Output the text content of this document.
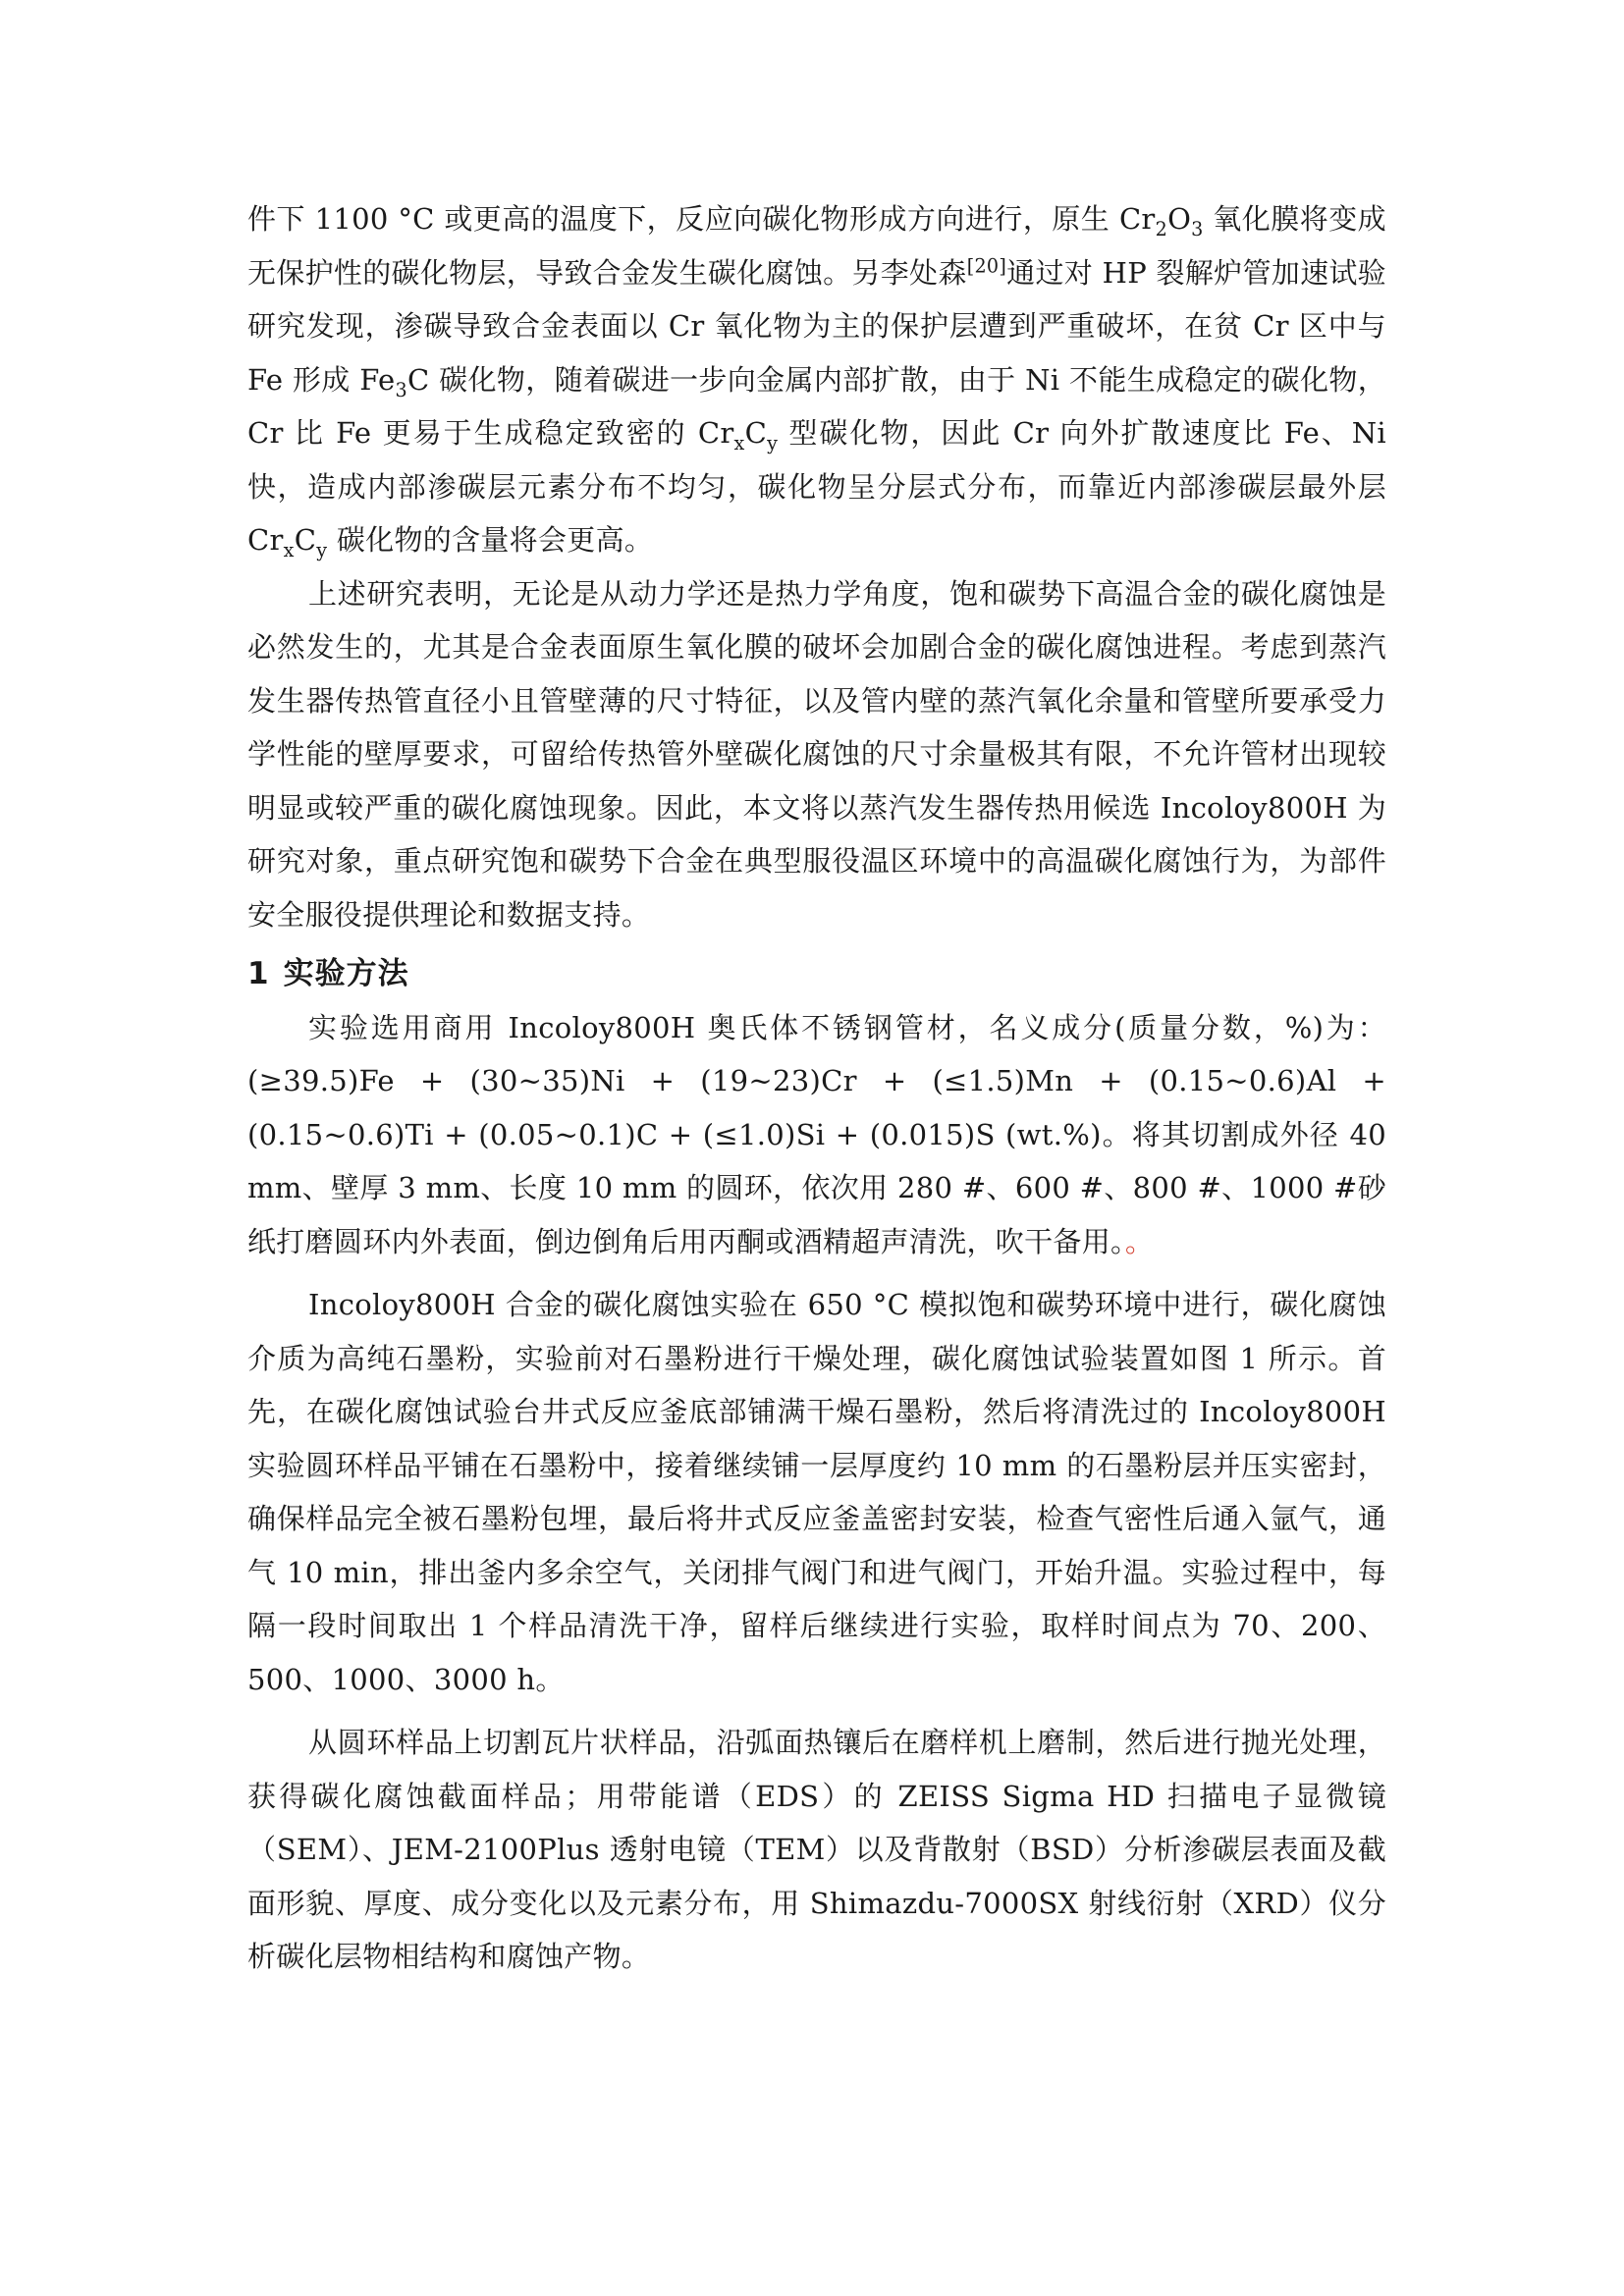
件下 1100 °C 或更高的温度下，反应向碳化物形成方向进行，原生 $Cr_2O_3$ 氧化膜将变成无保护性的碳化物层，导致合金发生碳化腐蚀。另李处森[20]通过对 HP 裂解炉管加速试验研究发现，渗碳导致合金表面以 Cr 氧化物为主的保护层遭到严重破坏，在贫 Cr 区中与 Fe 形成 $Fe_3C$ 碳化物，随着碳进一步向金属内部扩散，由于 Ni 不能生成稳定的碳化物，Cr 比 Fe 更易于生成稳定致密的 $Cr_xC_y$ 型碳化物，因此 Cr 向外扩散速度比 Fe、Ni 快，造成内部渗碳层元素分布不均匀，碳化物呈分层式分布，而靠近内部渗碳层最外层 $Cr_xC_y$ 碳化物的含量将会更高。

上述研究表明，无论是从动力学还是热力学角度，饱和碳势下高温合金的碳化腐蚀是必然发生的，尤其是合金表面原生氧化膜的破坏会加剧合金的碳化腐蚀进程。考虑到蒸汽发生器传热管直径小且管壁薄的尺寸特征，以及管内壁的蒸汽氧化余量和管壁所要承受力学性能的壁厚要求，可留给传热管外壁碳化腐蚀的尺寸余量极其有限，不允许管材出现较明显或较严重的碳化腐蚀现象。因此，本文将以蒸汽发生器传热用候选 Incoloy800H 为研究对象，重点研究饱和碳势下合金在典型服役温区环境中的高温碳化腐蚀行为，为部件安全服役提供理论和数据支持。

1 实验方法

实验选用商用 Incoloy800H 奥氏体不锈钢管材，名义成分(质量分数，%)为：(≥39.5)Fe + (30~35)Ni + (19~23)Cr + (≤1.5)Mn + (0.15~0.6)Al + (0.15~0.6)Ti + (0.05~0.1)C + (≤1.0)Si + (0.015)S (wt.%)。将其切割成外径 40 mm、壁厚 3 mm、长度 10 mm 的圆环，依次用 280 #、600 #、800 #、1000 #砂纸打磨圆环内外表面，倒边倒角后用丙酮或酒精超声清洗，吹干备用。。

Incoloy800H 合金的碳化腐蚀实验在 650 °C 模拟饱和碳势环境中进行，碳化腐蚀介质为高纯石墨粉，实验前对石墨粉进行干燥处理，碳化腐蚀试验装置如图 1 所示。首先，在碳化腐蚀试验台井式反应釜底部铺满干燥石墨粉，然后将清洗过的 Incoloy800H 实验圆环样品平铺在石墨粉中，接着继续铺一层厚度约 10 mm 的石墨粉层并压实密封，确保样品完全被石墨粉包埋，最后将井式反应釜盖密封安装，检查气密性后通入氩气，通气 10 min，排出釜内多余空气，关闭排气阀门和进气阀门，开始升温。实验过程中，每隔一段时间取出 1 个样品清洗干净，留样后继续进行实验，取样时间点为 70、200、500、1000、3000 h。

从圆环样品上切割瓦片状样品，沿弧面热镶后在磨样机上磨制，然后进行抛光处理，获得碳化腐蚀截面样品；用带能谱（EDS）的 ZEISS Sigma HD 扫描电子显微镜（SEM）、JEM-2100Plus 透射电镜（TEM）以及背散射（BSD）分析渗碳层表面及截面形貌、厚度、成分变化以及元素分布，用 Shimazdu-7000SX 射线衍射（XRD）仪分析碳化层物相结构和腐蚀产物。
